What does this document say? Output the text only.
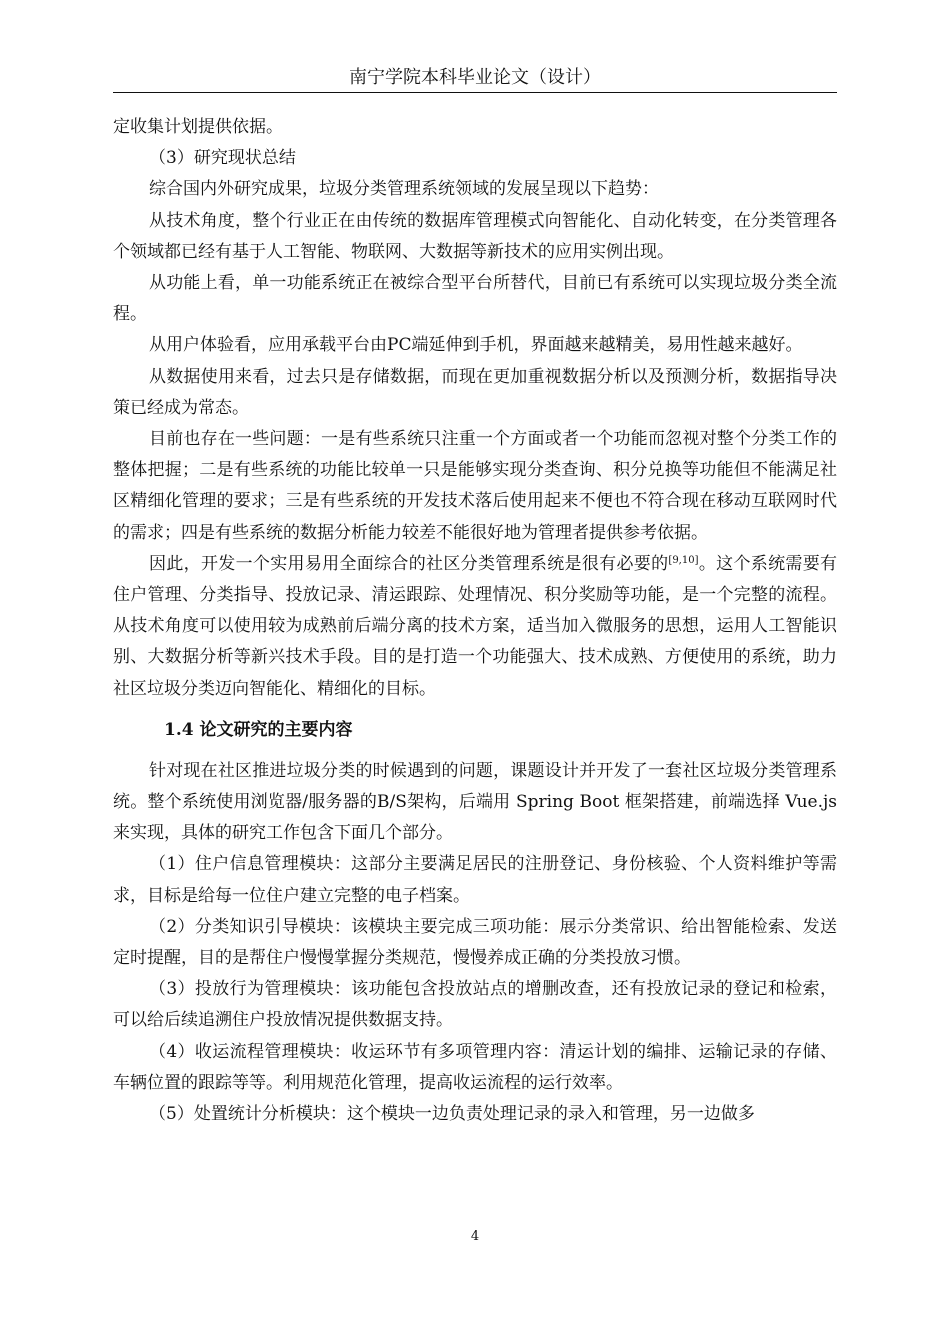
南宁学院本科毕业论文（设计）

定收集计划提供依据。

（3）研究现状总结

综合国内外研究成果，垃圾分类管理系统领域的发展呈现以下趋势：

从技术角度，整个行业正在由传统的数据库管理模式向智能化、自动化转变，在分类管理各个领域都已经有基于人工智能、物联网、大数据等新技术的应用实例出现。

从功能上看，单一功能系统正在被综合型平台所替代，目前已有系统可以实现垃圾分类全流程。

从用户体验看，应用承载平台由PC端延伸到手机，界面越来越精美，易用性越来越好。

从数据使用来看，过去只是存储数据，而现在更加重视数据分析以及预测分析，数据指导决策已经成为常态。

目前也存在一些问题：一是有些系统只注重一个方面或者一个功能而忽视对整个分类工作的整体把握；二是有些系统的功能比较单一只是能够实现分类查询、积分兑换等功能但不能满足社区精细化管理的要求；三是有些系统的开发技术落后使用起来不便也不符合现在移动互联网时代的需求；四是有些系统的数据分析能力较差不能很好地为管理者提供参考依据。

因此，开发一个实用易用全面综合的社区分类管理系统是很有必要的[9,10]。这个系统需要有住户管理、分类指导、投放记录、清运跟踪、处理情况、积分奖励等功能，是一个完整的流程。从技术角度可以使用较为成熟前后端分离的技术方案，适当加入微服务的思想，运用人工智能识别、大数据分析等新兴技术手段。目的是打造一个功能强大、技术成熟、方便使用的系统，助力社区垃圾分类迈向智能化、精细化的目标。

1.4 论文研究的主要内容

针对现在社区推进垃圾分类的时候遇到的问题，课题设计并开发了一套社区垃圾分类管理系统。整个系统使用浏览器/服务器的B/S架构，后端用 Spring Boot 框架搭建，前端选择 Vue.js 来实现，具体的研究工作包含下面几个部分。

（1）住户信息管理模块：这部分主要满足居民的注册登记、身份核验、个人资料维护等需求，目标是给每一位住户建立完整的电子档案。

（2）分类知识引导模块：该模块主要完成三项功能：展示分类常识、给出智能检索、发送定时提醒，目的是帮住户慢慢掌握分类规范，慢慢养成正确的分类投放习惯。

（3）投放行为管理模块：该功能包含投放站点的增删改查，还有投放记录的登记和检索，可以给后续追溯住户投放情况提供数据支持。

（4）收运流程管理模块：收运环节有多项管理内容：清运计划的编排、运输记录的存储、车辆位置的跟踪等等。利用规范化管理，提高收运流程的运行效率。

（5）处置统计分析模块：这个模块一边负责处理记录的录入和管理，另一边做多

4
